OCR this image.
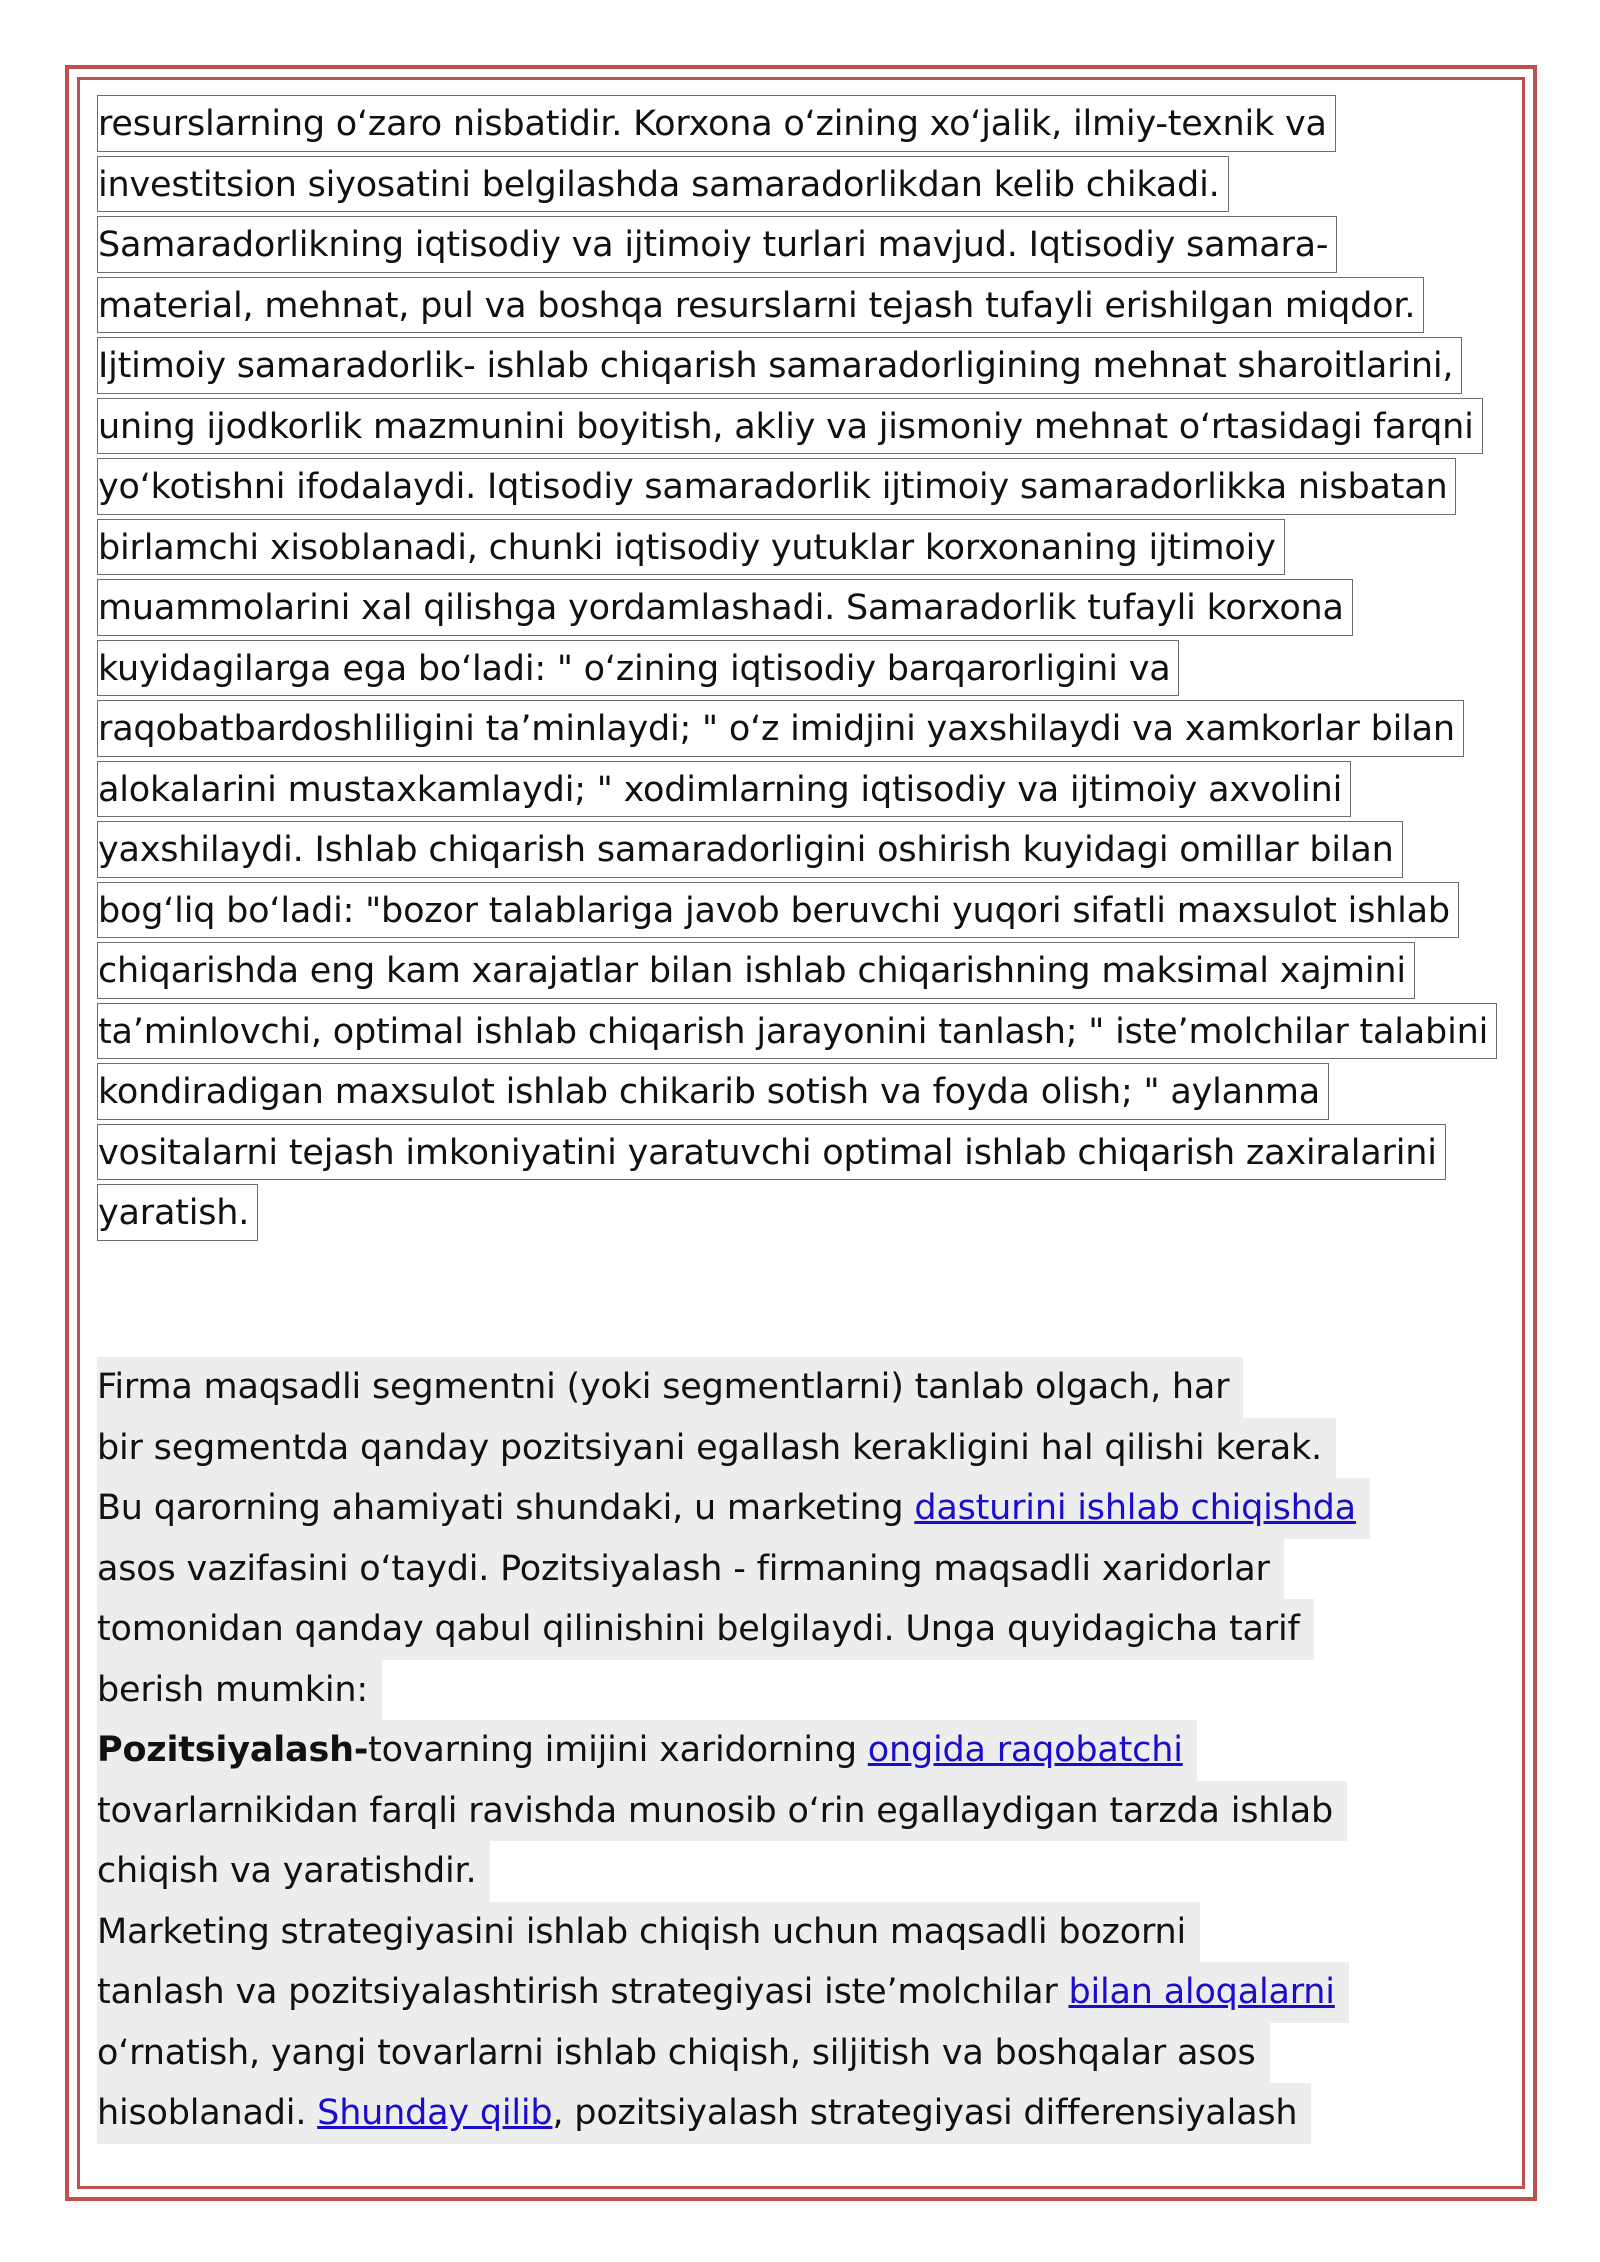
resurslarning o‘zaro nisbatidir. Korxona o‘zining xo‘jalik, ilmiy-texnik va
investitsion siyosatini belgilashda samaradorlikdan kelib chikadi.
Samaradorlikning iqtisodiy va ijtimoiy turlari mavjud. Iqtisodiy samara-
material, mehnat, pul va boshqa resurslarni tejash tufayli erishilgan miqdor.
Ijtimoiy samaradorlik- ishlab chiqarish samaradorligining mehnat sharoitlarini,
uning ijodkorlik mazmunini boyitish, akliy va jismoniy mehnat o‘rtasidagi farqni
yo‘kotishni ifodalaydi. Iqtisodiy samaradorlik ijtimoiy samaradorlikka nisbatan
birlamchi xisoblanadi, chunki iqtisodiy yutuklar korxonaning ijtimoiy
muammolarini xal qilishga yordamlashadi. Samaradorlik tufayli korxona
kuyidagilarga ega bo‘ladi: " o‘zining iqtisodiy barqarorligini va
raqobatbardoshliligini ta’minlaydi; " o‘z imidjini yaxshilaydi va xamkorlar bilan
alokalarini mustaxkamlaydi; " xodimlarning iqtisodiy va ijtimoiy axvolini
yaxshilaydi. Ishlab chiqarish samaradorligini oshirish kuyidagi omillar bilan
bog‘liq bo‘ladi: "bozor talablariga javob beruvchi yuqori sifatli maxsulot ishlab
chiqarishda eng kam xarajatlar bilan ishlab chiqarishning maksimal xajmini
ta’minlovchi, optimal ishlab chiqarish jarayonini tanlash; " iste’molchilar talabini
kondiradigan maxsulot ishlab chikarib sotish va foyda olish; " aylanma
vositalarni tejash imkoniyatini yaratuvchi optimal ishlab chiqarish zaxiralarini
yaratish.
Firma maqsadli segmentni (yoki segmentlarni) tanlab olgach, har
bir segmentda qanday pozitsiyani egallash kerakligini hal qilishi kerak.
Bu qarorning ahamiyati shundaki, u marketing dasturini ishlab chiqishda
asos vazifasini o‘taydi. Pozitsiyalash - firmaning maqsadli xaridorlar
tomonidan qanday qabul qilinishini belgilaydi. Unga quyidagicha tarif
berish mumkin:
Pozitsiyalash-tovarning imijini xaridorning ongida raqobatchi
tovarlarnikidan farqli ravishda munosib o‘rin egallaydigan tarzda ishlab
chiqish va yaratishdir.
Marketing strategiyasini ishlab chiqish uchun maqsadli bozorni
tanlash va pozitsiyalashtirish strategiyasi iste’molchilar bilan aloqalarni
o‘rnatish, yangi tovarlarni ishlab chiqish, siljitish va boshqalar asos
hisoblanadi. Shunday qilib, pozitsiyalash strategiyasi differensiyalash
